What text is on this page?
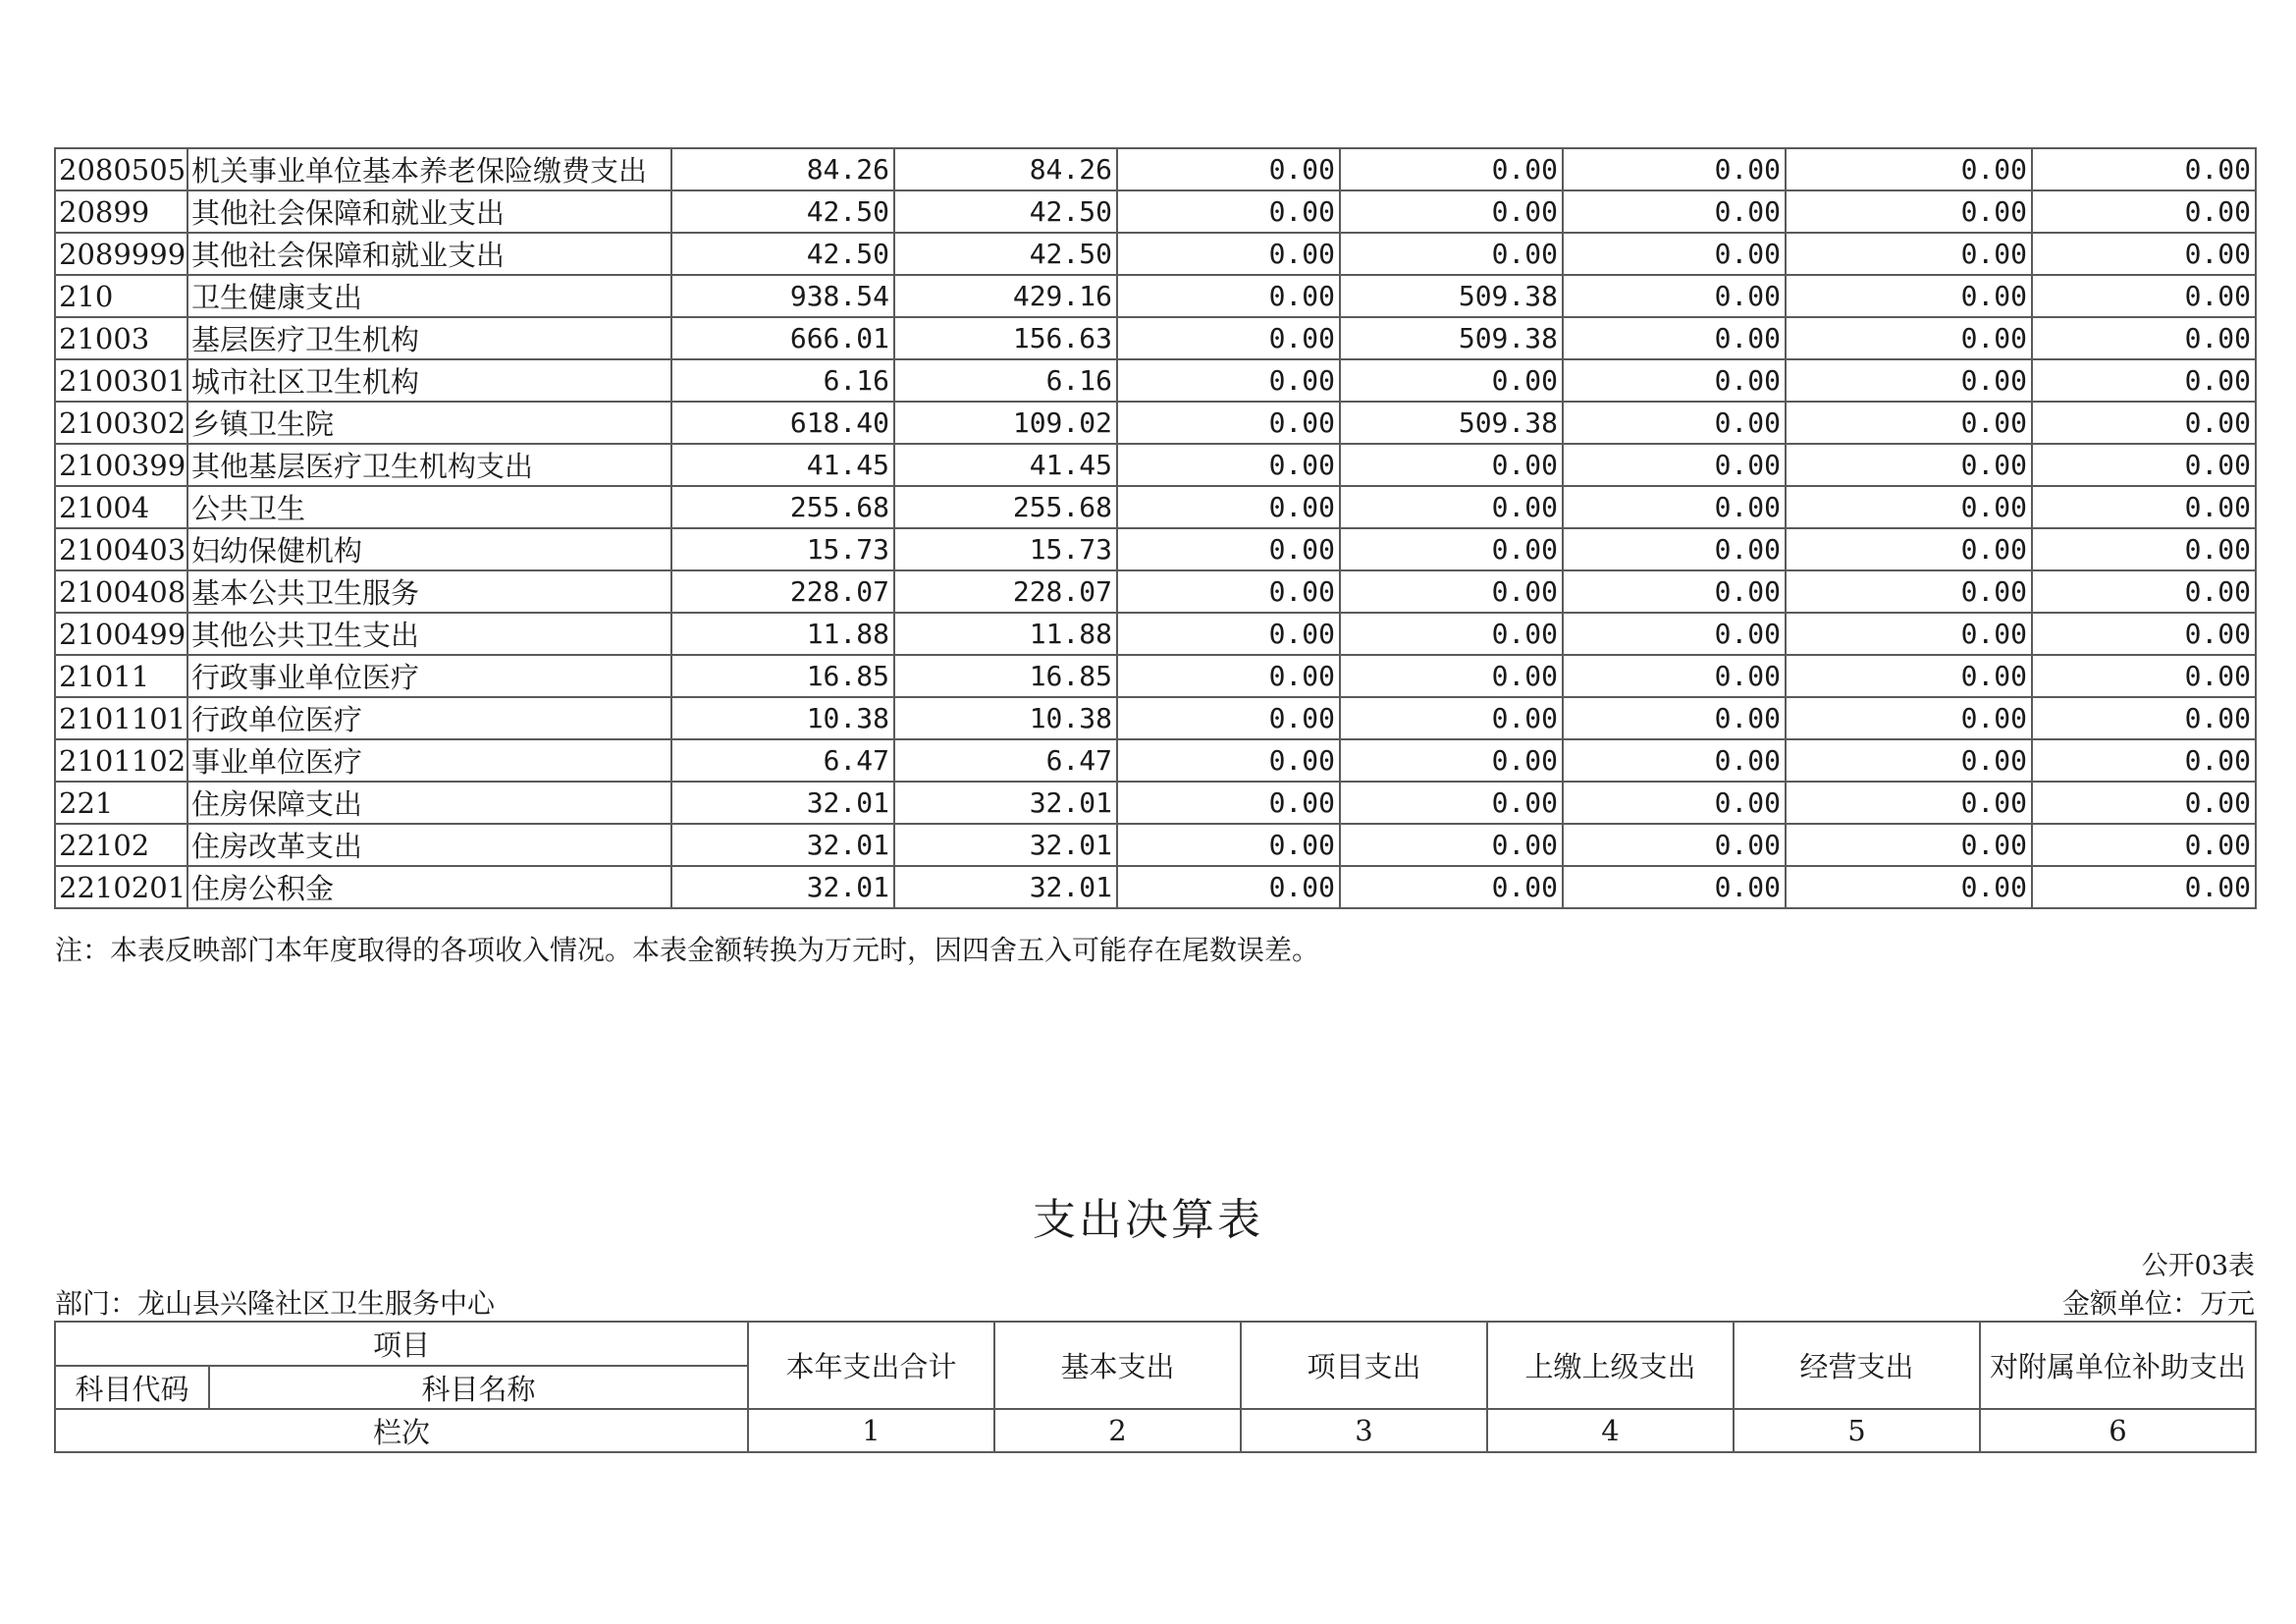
2080505	机关事业单位基本养老保险缴费支出	84.26	84.26	0.00	0.00	0.00	0.00	0.00
20899	其他社会保障和就业支出	42.50	42.50	0.00	0.00	0.00	0.00	0.00
2089999	其他社会保障和就业支出	42.50	42.50	0.00	0.00	0.00	0.00	0.00
210	卫生健康支出	938.54	429.16	0.00	509.38	0.00	0.00	0.00
21003	基层医疗卫生机构	666.01	156.63	0.00	509.38	0.00	0.00	0.00
2100301	城市社区卫生机构	6.16	6.16	0.00	0.00	0.00	0.00	0.00
2100302	乡镇卫生院	618.40	109.02	0.00	509.38	0.00	0.00	0.00
2100399	其他基层医疗卫生机构支出	41.45	41.45	0.00	0.00	0.00	0.00	0.00
21004	公共卫生	255.68	255.68	0.00	0.00	0.00	0.00	0.00
2100403	妇幼保健机构	15.73	15.73	0.00	0.00	0.00	0.00	0.00
2100408	基本公共卫生服务	228.07	228.07	0.00	0.00	0.00	0.00	0.00
2100499	其他公共卫生支出	11.88	11.88	0.00	0.00	0.00	0.00	0.00
21011	行政事业单位医疗	16.85	16.85	0.00	0.00	0.00	0.00	0.00
2101101	行政单位医疗	10.38	10.38	0.00	0.00	0.00	0.00	0.00
2101102	事业单位医疗	6.47	6.47	0.00	0.00	0.00	0.00	0.00
221	住房保障支出	32.01	32.01	0.00	0.00	0.00	0.00	0.00
22102	住房改革支出	32.01	32.01	0.00	0.00	0.00	0.00	0.00
2210201	住房公积金	32.01	32.01	0.00	0.00	0.00	0.00	0.00
注：本表反映部门本年度取得的各项收入情况。本表金额转换为万元时，因四舍五入可能存在尾数误差。
支出决算表
公开03表
部门：龙山县兴隆社区卫生服务中心	金额单位：万元
项目		本年支出合计	基本支出	项目支出	上缴上级支出	经营支出	对附属单位补助支出
科目代码	科目名称						
栏次		1	2	3	4	5	6
